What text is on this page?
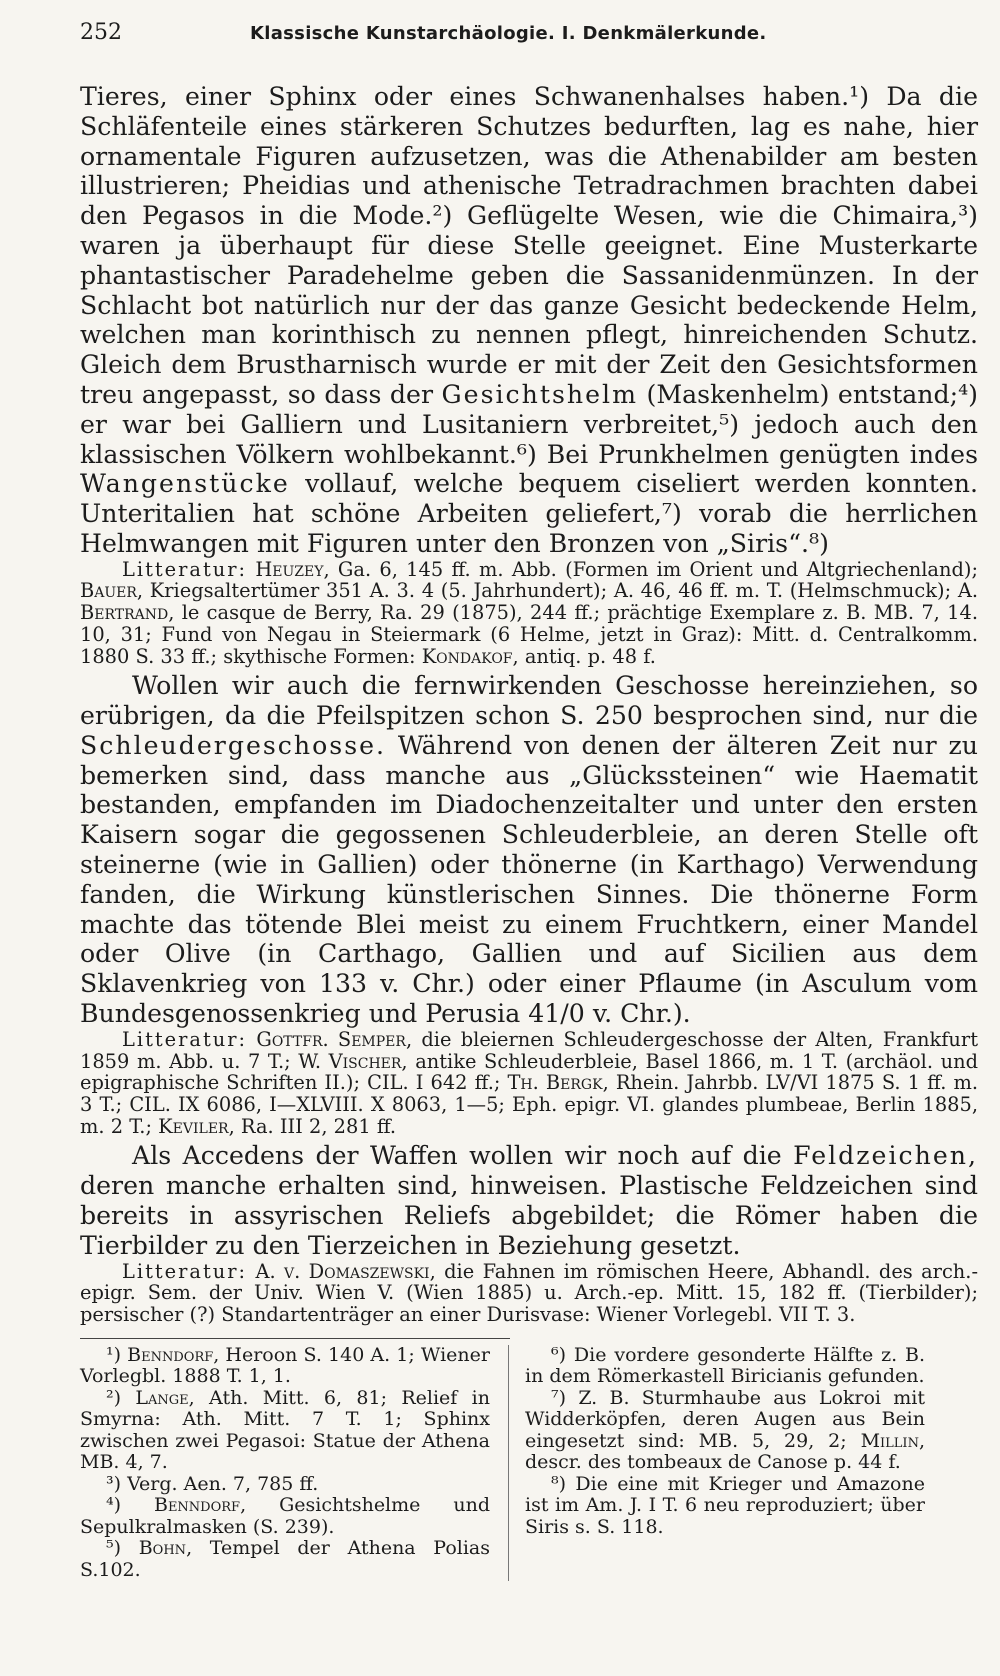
252	Klassische Kunstarchäologie. I. Denkmälerkunde.

Tieres, einer Sphinx oder eines Schwanenhalses haben.¹) Da die Schläfenteile eines stärkeren Schutzes bedurften, lag es nahe, hier ornamentale Figuren aufzusetzen, was die Athenabilder am besten illustrieren; Pheidias und athenische Tetradrachmen brachten dabei den Pegasos in die Mode.²) Geflügelte Wesen, wie die Chimaira,³) waren ja überhaupt für diese Stelle geeignet. Eine Musterkarte phantastischer Paradehelme geben die Sassanidenmünzen. In der Schlacht bot natürlich nur der das ganze Gesicht bedeckende Helm, welchen man korinthisch zu nennen pflegt, hinreichenden Schutz. Gleich dem Brustharnisch wurde er mit der Zeit den Gesichtsformen treu angepasst, so dass der Gesichtshelm (Maskenhelm) entstand;⁴) er war bei Galliern und Lusitaniern verbreitet,⁵) jedoch auch den klassischen Völkern wohlbekannt.⁶) Bei Prunkhelmen genügten indes Wangenstücke vollauf, welche bequem ciseliert werden konnten. Unteritalien hat schöne Arbeiten geliefert,⁷) vorab die herrlichen Helmwangen mit Figuren unter den Bronzen von „Siris“.⁸)

Litteratur: Heuzey, Ga. 6, 145 ff. m. Abb. (Formen im Orient und Altgriechenland); Bauer, Kriegsaltertümer 351 A. 3. 4 (5. Jahrhundert); A. 46, 46 ff. m. T. (Helmschmuck); A. Bertrand, le casque de Berry, Ra. 29 (1875), 244 ff.; prächtige Exemplare z. B. MB. 7, 14. 10, 31; Fund von Negau in Steiermark (6 Helme, jetzt in Graz): Mitt. d. Centralkomm. 1880 S. 33 ff.; skythische Formen: Kondakof, antiq. p. 48 f.

Wollen wir auch die fernwirkenden Geschosse hereinziehen, so erübrigen, da die Pfeilspitzen schon S. 250 besprochen sind, nur die Schleudergeschosse. Während von denen der älteren Zeit nur zu bemerken sind, dass manche aus „Glückssteinen“ wie Haematit bestanden, empfanden im Diadochenzeitalter und unter den ersten Kaisern sogar die gegossenen Schleuderbleie, an deren Stelle oft steinerne (wie in Gallien) oder thönerne (in Karthago) Verwendung fanden, die Wirkung künstlerischen Sinnes. Die thönerne Form machte das tötende Blei meist zu einem Fruchtkern, einer Mandel oder Olive (in Carthago, Gallien und auf Sicilien aus dem Sklavenkrieg von 133 v. Chr.) oder einer Pflaume (in Asculum vom Bundesgenossenkrieg und Perusia 41/0 v. Chr.).

Litteratur: Gottfr. Semper, die bleiernen Schleudergeschosse der Alten, Frankfurt 1859 m. Abb. u. 7 T.; W. Vischer, antike Schleuderbleie, Basel 1866, m. 1 T. (archäol. und epigraphische Schriften II.); CIL. I 642 ff.; Th. Bergk, Rhein. Jahrbb. LV/VI 1875 S. 1 ff. m. 3 T.; CIL. IX 6086, I—XLVIII. X 8063, 1—5; Eph. epigr. VI. glandes plumbeae, Berlin 1885, m. 2 T.; Keviler, Ra. III 2, 281 ff.

Als Accedens der Waffen wollen wir noch auf die Feldzeichen, deren manche erhalten sind, hinweisen. Plastische Feldzeichen sind bereits in assyrischen Reliefs abgebildet; die Römer haben die Tierbilder zu den Tierzeichen in Beziehung gesetzt.

Litteratur: A. v. Domaszewski, die Fahnen im römischen Heere, Abhandl. des arch.-epigr. Sem. der Univ. Wien V. (Wien 1885) u. Arch.-ep. Mitt. 15, 182 ff. (Tierbilder); persischer (?) Standartenträger an einer Durisvase: Wiener Vorlegebl. VII T. 3.

¹) Benndorf, Heroon S. 140 A. 1; Wiener Vorlegbl. 1888 T. 1, 1.

²) Lange, Ath. Mitt. 6, 81; Relief in Smyrna: Ath. Mitt. 7 T. 1; Sphinx zwischen zwei Pegasoi: Statue der Athena MB. 4, 7.

³) Verg. Aen. 7, 785 ff.

⁴) Benndorf, Gesichtshelme und Sepulkralmasken (S. 239).

⁵) Bohn, Tempel der Athena Polias S.102.

⁶) Die vordere gesonderte Hälfte z. B. in dem Römerkastell Biricianis gefunden.

⁷) Z. B. Sturmhaube aus Lokroi mit Widderköpfen, deren Augen aus Bein eingesetzt sind: MB. 5, 29, 2; Millin, descr. des tombeaux de Canose p. 44 f.

⁸) Die eine mit Krieger und Amazone ist im Am. J. I T. 6 neu reproduziert; über Siris s. S. 118.
